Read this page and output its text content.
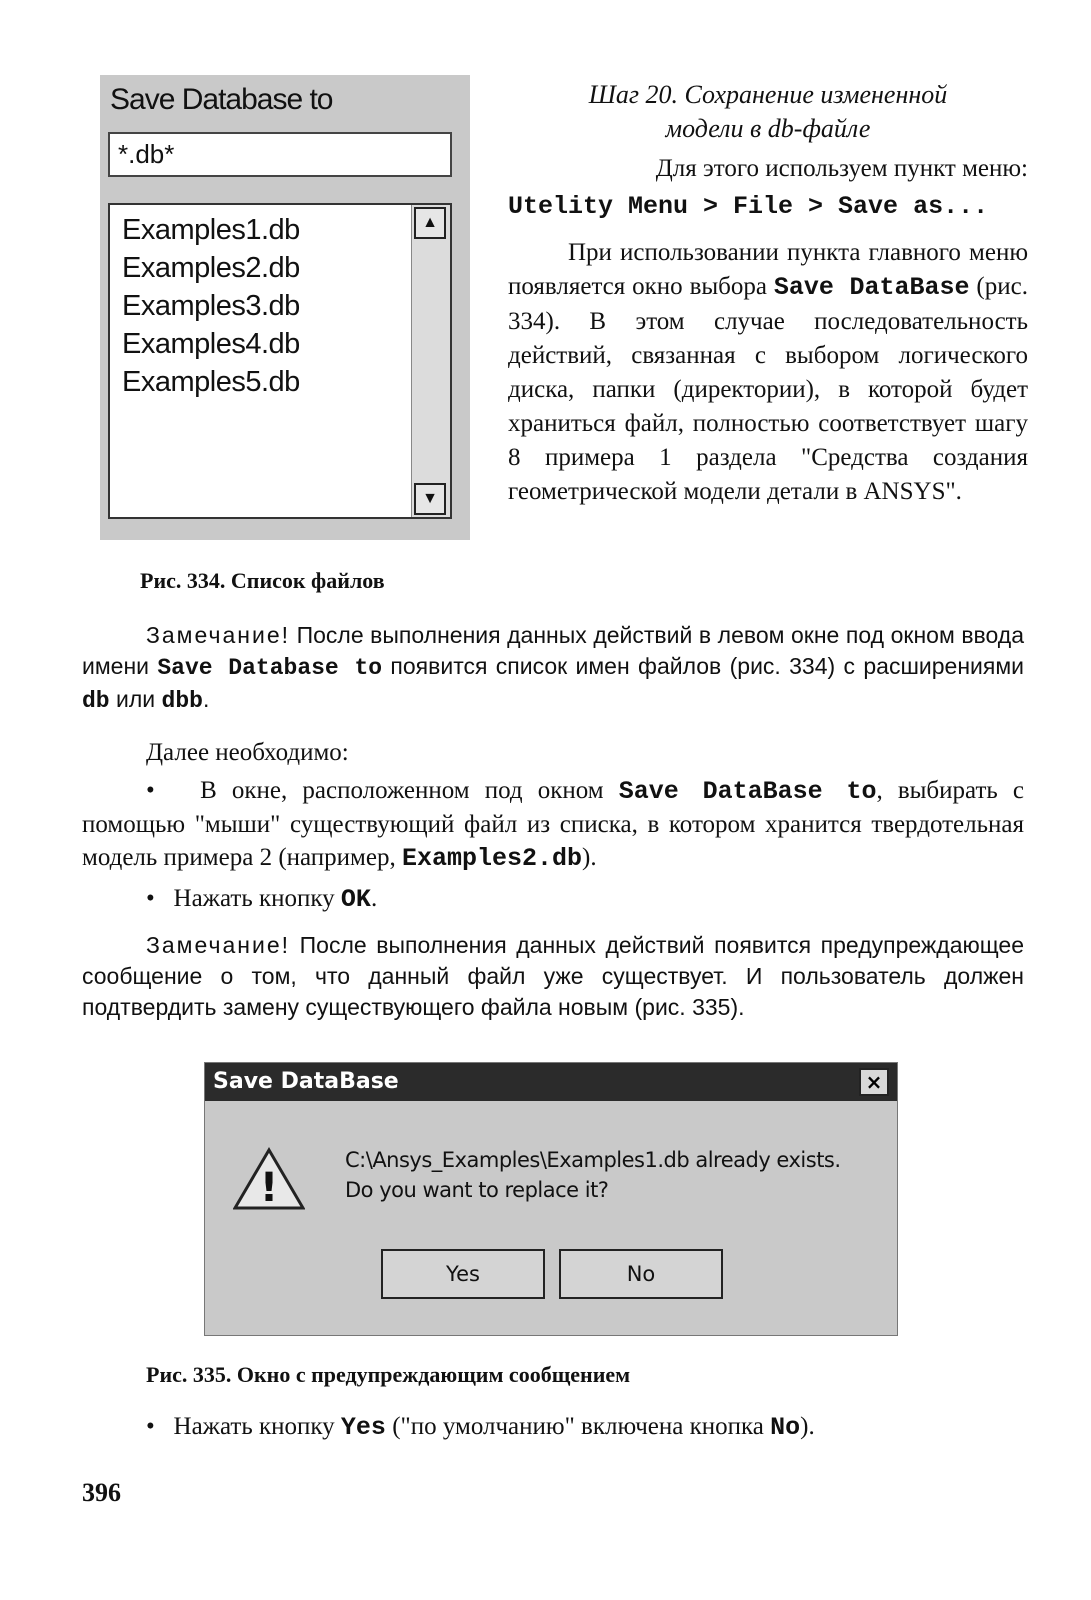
Save Database to
*.db*
Examples1.db
Examples2.db
Examples3.db
Examples4.db
Examples5.db
▲
▼
Рис. 334. Список файлов
Шаг 20. Сохранение измененной
модели в db-файле
Для этого используем пункт меню:
Utelity Menu > File > Save as...

При использовании пункта главного меню появляется окно выбора Save DataBase (рис. 334). В этом случае последовательность действий, связанная с выбором логического диска, папки (директории), в которой будет храниться файл, полностью соответствует шагу 8 примера 1 раздела "Средства создания геометрической модели детали в ANSYS".

Замечание! После выполнения данных действий в левом окне под окном ввода имени Save Database to появится список имен файлов (рис. 334) с расширениями db или dbb.
Далее необходимо:
• В окне, расположенном под окном Save DataBase to, выбирать с помощью "мыши" существующий файл из списка, в котором хранится твердотельная модель примера 2 (например, Examples2.db).
• Нажать кнопку OK.
Замечание! После выполнения данных действий появится предупреждающее сообщение о том, что данный файл уже существует. И пользователь должен подтвердить замену существующего файла новым (рис. 335).
Save DataBase	×
!
C:\Ansys_Examples\Examples1.db already exists.
Do you want to replace it?
Yes	No
Рис. 335. Окно с предупреждающим сообщением
• Нажать кнопку Yes ("по умолчанию" включена кнопка No).
396
